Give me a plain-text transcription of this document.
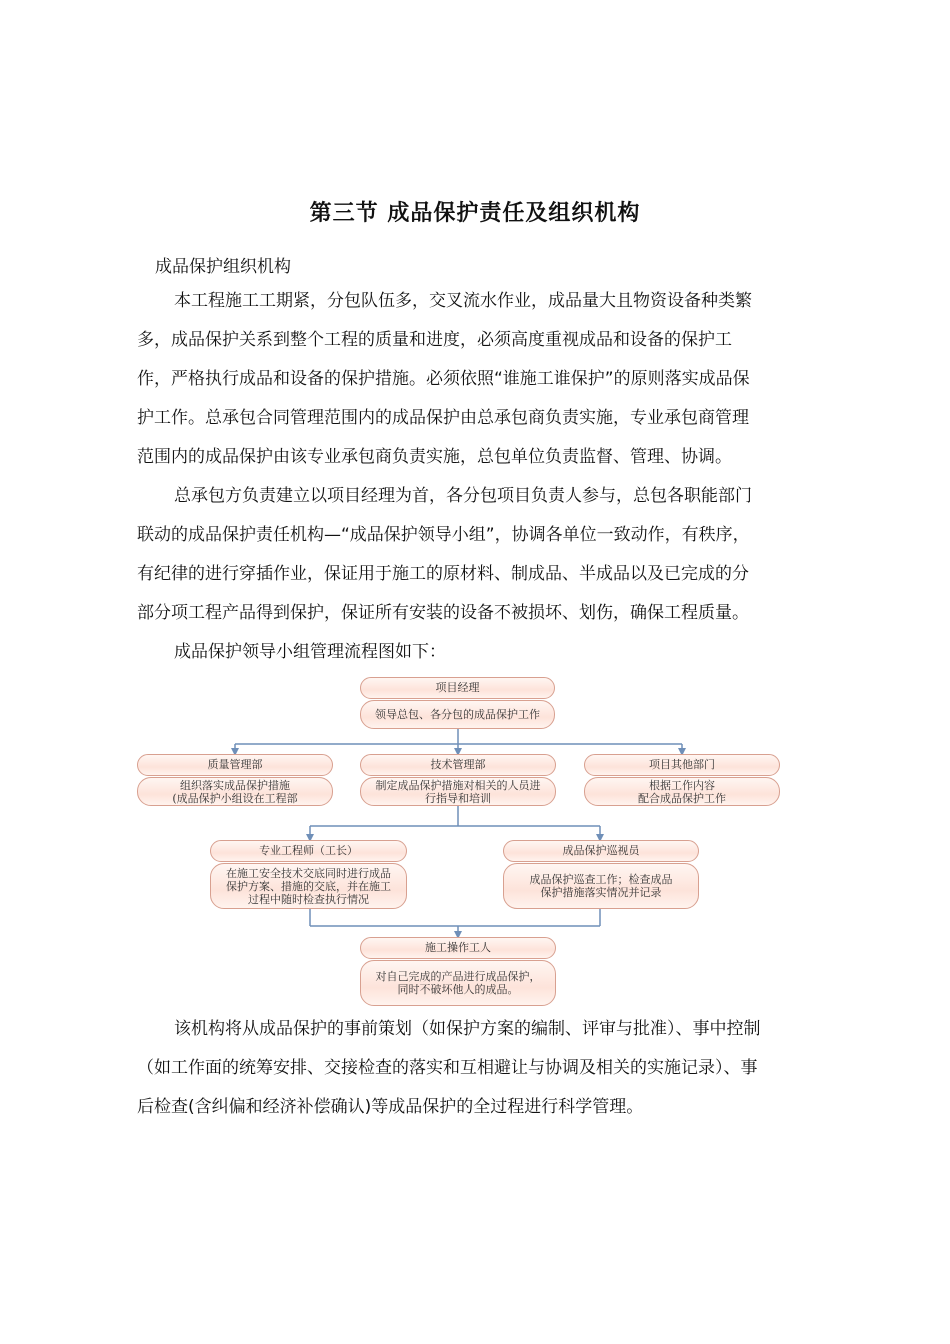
第三节 成品保护责任及组织机构
成品保护组织机构
本工程施工工期紧，分包队伍多，交叉流水作业，成品量大且物资设备种类繁
多，成品保护关系到整个工程的质量和进度，必须高度重视成品和设备的保护工
作，严格执行成品和设备的保护措施。必须依照“谁施工谁保护”的原则落实成品保
护工作。总承包合同管理范围内的成品保护由总承包商负责实施，专业承包商管理
范围内的成品保护由该专业承包商负责实施，总包单位负责监督、管理、协调。
总承包方负责建立以项目经理为首，各分包项目负责人参与，总包各职能部门
联动的成品保护责任机构—“成品保护领导小组”，协调各单位一致动作，有秩序，
有纪律的进行穿插作业，保证用于施工的原材料、制成品、半成品以及已完成的分
部分项工程产品得到保护，保证所有安装的设备不被损坏、划伤，确保工程质量。
成品保护领导小组管理流程图如下：
项目经理
领导总包、各分包的成品保护工作
质量管理部
组织落实成品保护措施
(成品保护小组设在工程部
技术管理部
制定成品保护措施对相关的人员进
行指导和培训
项目其他部门
根据工作内容
配合成品保护工作
专业工程师（工长）
在施工安全技术交底同时进行成品
保护方案、措施的交底，并在施工
过程中随时检查执行情况
成品保护巡视员
成品保护巡查工作；检查成品
保护措施落实情况并记录
施工操作工人
对自己完成的产品进行成品保护，
同时不破坏他人的成品。
该机构将从成品保护的事前策划（如保护方案的编制、评审与批准）、事中控制
（如工作面的统筹安排、交接检查的落实和互相避让与协调及相关的实施记录）、事
后检查(含纠偏和经济补偿确认)等成品保护的全过程进行科学管理。
